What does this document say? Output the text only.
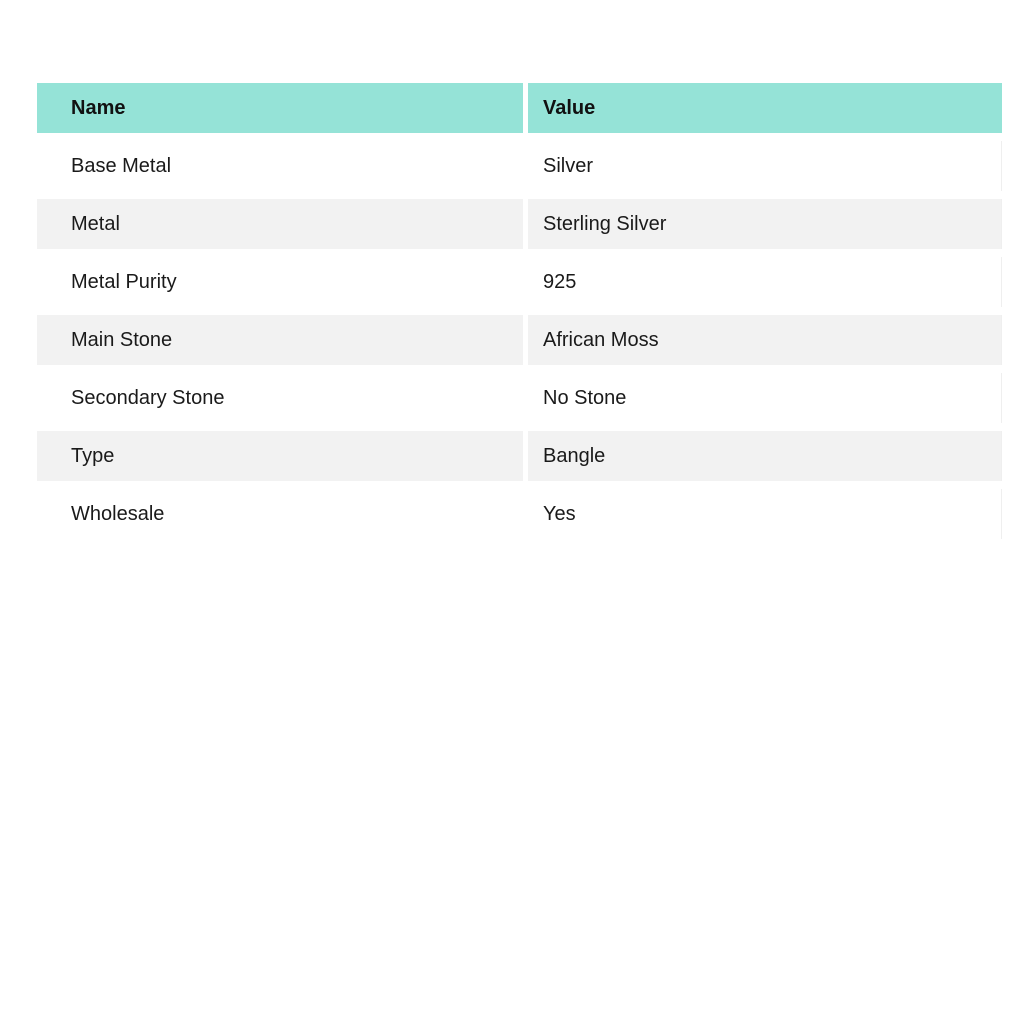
Name	Value
Base Metal	Silver
Metal	Sterling Silver
Metal Purity	925
Main Stone	African Moss
Secondary Stone	No Stone
Type	Bangle
Wholesale	Yes
